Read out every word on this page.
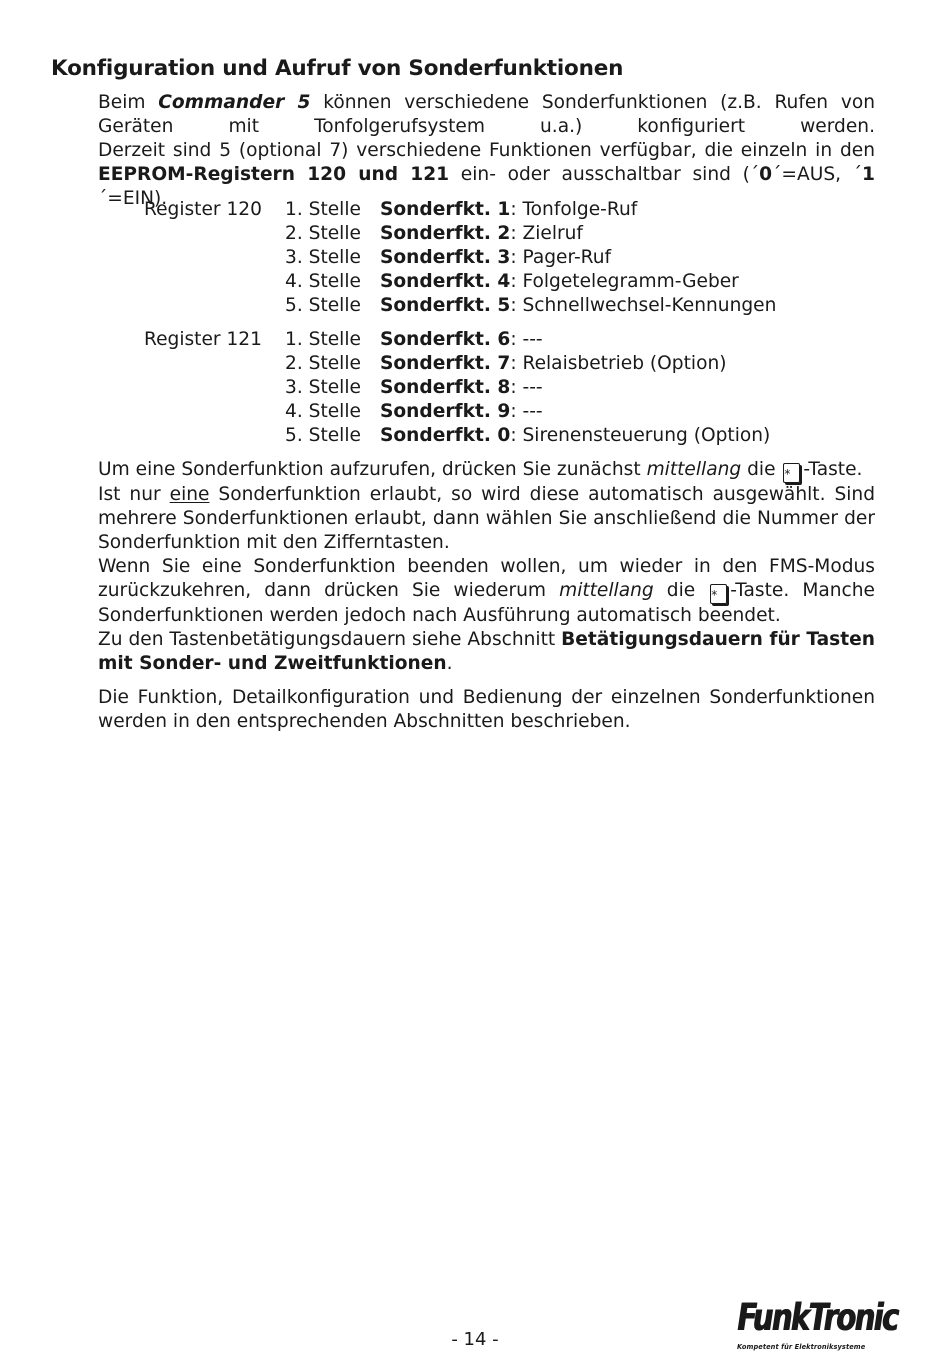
Konfiguration und Aufruf von Sonderfunktionen

Beim Commander 5 können verschiedene Sonderfunktionen (z.B. Rufen von Geräten mit Tonfolgerufsystem u.a.) konfiguriert werden.

Derzeit sind 5 (optional 7) verschiedene Funktionen verfügbar, die einzeln in den EEPROM-Registern 120 und 121 ein- oder ausschaltbar sind (´0´=AUS, ´1´=EIN).

Register 120 1. Stelle Sonderfkt. 1: Tonfolge-Ruf
2. Stelle Sonderfkt. 2: Zielruf
3. Stelle Sonderfkt. 3: Pager-Ruf
4. Stelle Sonderfkt. 4: Folgetelegramm-Geber
5. Stelle Sonderfkt. 5: Schnellwechsel-Kennungen
Register 121 1. Stelle Sonderfkt. 6: ---
2. Stelle Sonderfkt. 7: Relaisbetrieb (Option)
3. Stelle Sonderfkt. 8: ---
4. Stelle Sonderfkt. 9: ---
5. Stelle Sonderfkt. 0: Sirenensteuerung (Option)

Um eine Sonderfunktion aufzurufen, drücken Sie zunächst mittellang die * -Taste.

Ist nur eine Sonderfunktion erlaubt, so wird diese automatisch ausgewählt. Sind mehrere Sonderfunktionen erlaubt, dann wählen Sie anschließend die Nummer der Sonderfunktion mit den Zifferntasten.

Wenn Sie eine Sonderfunktion beenden wollen, um wieder in den FMS-Modus zurückzukehren, dann drücken Sie wiederum mittellang die * -Taste. Manche Sonderfunktionen werden jedoch nach Ausführung automatisch beendet.

Zu den Tastenbetätigungsdauern siehe Abschnitt Betätigungsdauern für Tasten mit Sonder- und Zweitfunktionen.

Die Funktion, Detailkonfiguration und Bedienung der einzelnen Sonderfunktionen werden in den entsprechenden Abschnitten beschrieben.

- 14 -
FunkTronic
Kompetent für Elektroniksysteme
